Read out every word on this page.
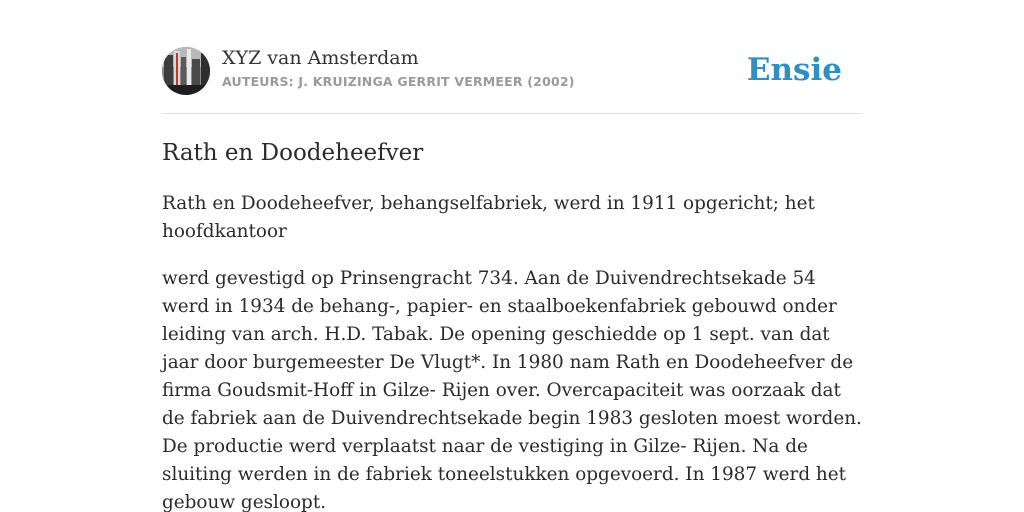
XYZ van Amsterdam
AUTEURS: J. KRUIZINGA GERRIT VERMEER (2002)	Ensie
Rath en Doodeheefver

Rath en Doodeheefver, behangselfabriek, werd in 1911 opgericht; het hoofdkantoor

werd gevestigd op Prinsengracht 734. Aan de Duivendrechtsekade 54 werd in 1934 de behang-, papier- en staalboekenfabriek gebouwd onder leiding van arch. H.D. Tabak. De opening geschiedde op 1 sept. van dat jaar door burgemeester De Vlugt*. In 1980 nam Rath en Doodeheefver de firma Goudsmit-Hoff in Gilze- Rijen over. Overcapaciteit was oorzaak dat de fabriek aan de Duivendrechtsekade begin 1983 gesloten moest worden. De productie werd verplaatst naar de vestiging in Gilze- Rijen. Na de sluiting werden in de fabriek toneelstukken opgevoerd. In 1987 werd het gebouw gesloopt.
